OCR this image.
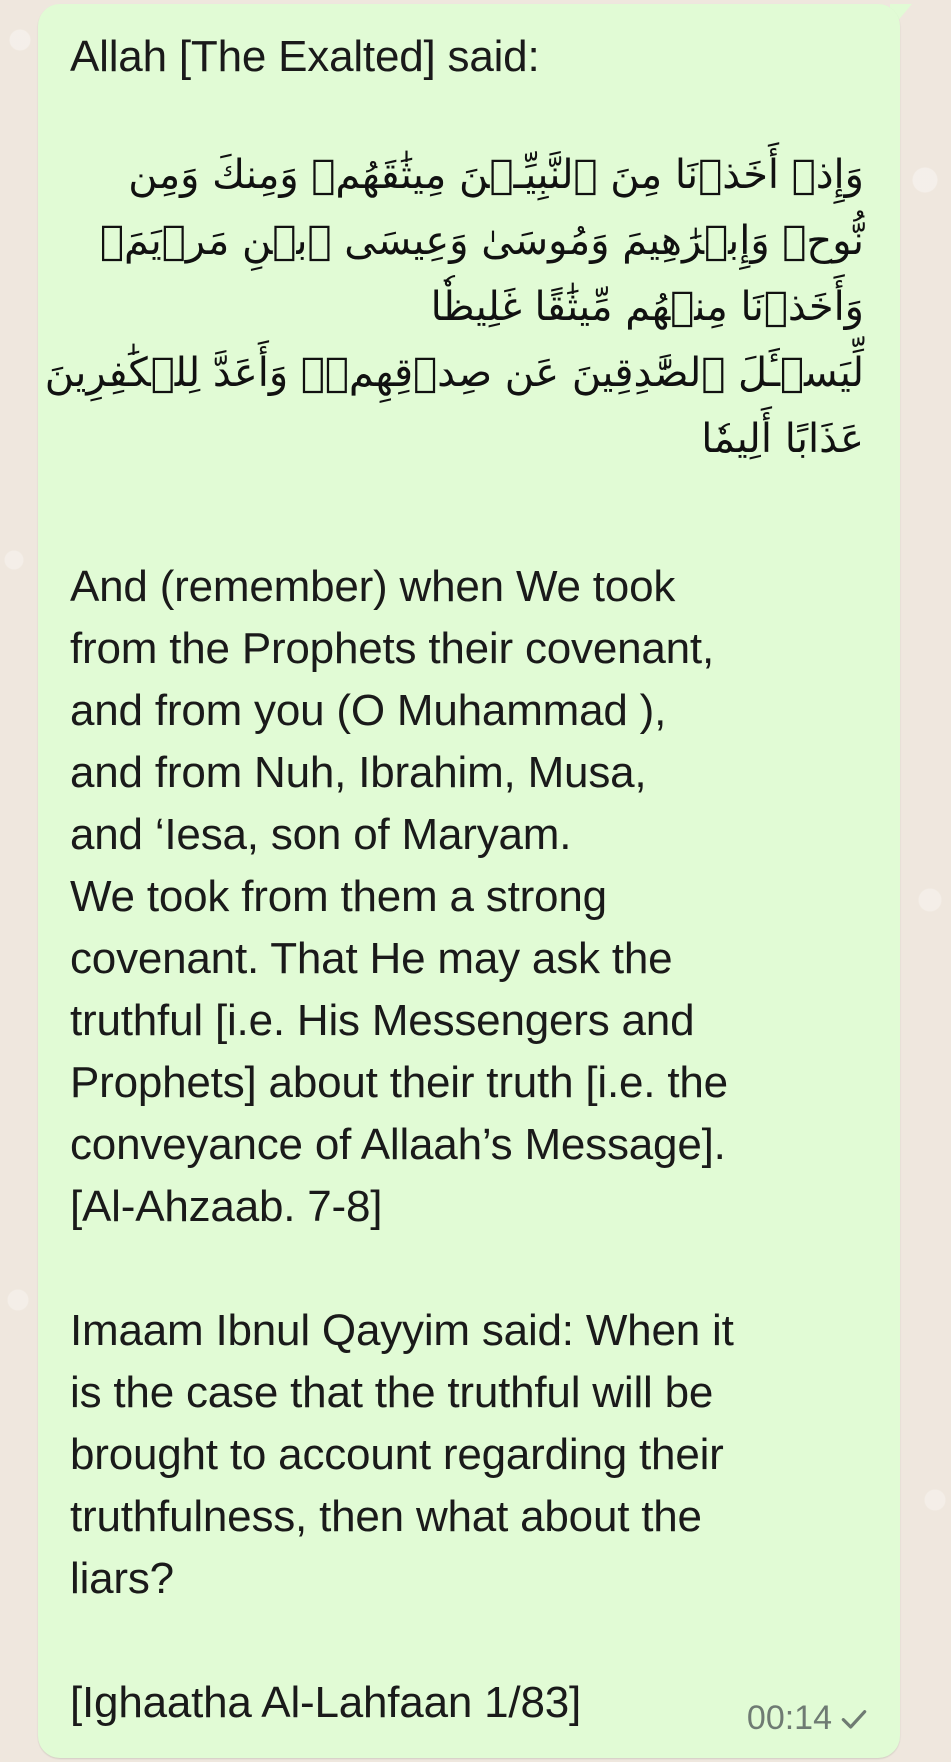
Allah [The Exalted] said:

وَإِذۡ أَخَذۡنَا مِنَ ٱلنَّبِيِّـۧنَ مِيثَٰقَهُمۡ وَمِنكَ وَمِن
نُّوحٖ وَإِبۡرَٰهِيمَ وَمُوسَىٰ وَعِيسَى ٱبۡنِ مَرۡيَمَۖ
وَأَخَذۡنَا مِنۡهُم مِّيثَٰقًا غَلِيظٗا
لِّيَسۡـَٔلَ ٱلصَّٰدِقِينَ عَن صِدۡقِهِمۡۚ وَأَعَدَّ لِلۡكَٰفِرِينَ
عَذَابًا أَلِيمٗا

And (remember) when We took

from the Prophets their covenant,

and from you (O Muhammad ),

and from Nuh, Ibrahim, Musa,

and ‘Iesa, son of Maryam.

We took from them a strong

covenant. That He may ask the

truthful [i.e. His Messengers and

Prophets] about their truth [i.e. the

conveyance of Allaah’s Message].

[Al-Ahzaab. 7-8]

Imaam Ibnul Qayyim said: When it

is the case that the truthful will be

brought to account regarding their

truthfulness, then what about the

liars?

[Ighaatha Al-Lahfaan 1/83]	00:14
